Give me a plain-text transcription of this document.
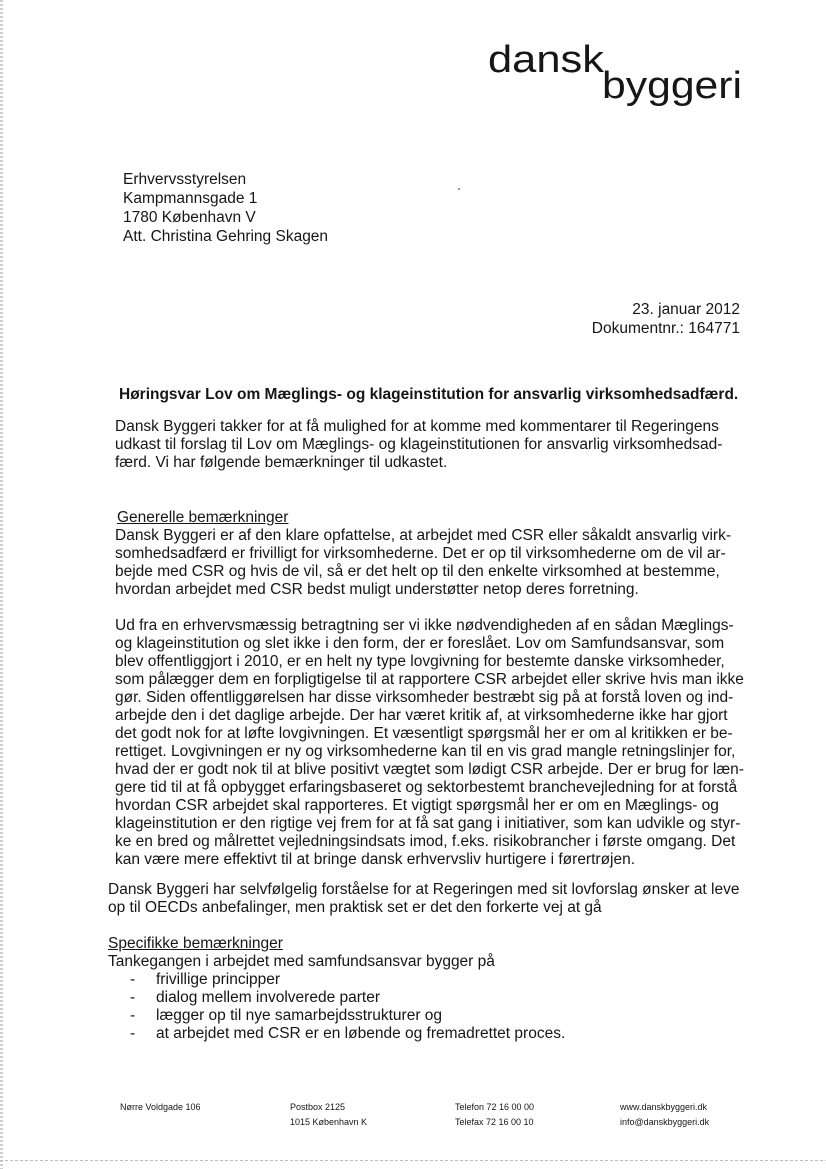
dansk
byggeri
Erhvervsstyrelsen
Kampmannsgade 1
1780 København V
Att. Christina Gehring Skagen
23. januar 2012
Dokumentnr.: 164771
Høringsvar Lov om Mæglings- og klageinstitution for ansvarlig virksomhedsadfærd.
Dansk Byggeri takker for at få mulighed for at komme med kommentarer til Regeringens
udkast til forslag til Lov om Mæglings- og klageinstitutionen for ansvarlig virksomhedsad-
færd. Vi har følgende bemærkninger til udkastet.
Generelle bemærkninger
Dansk Byggeri er af den klare opfattelse, at arbejdet med CSR eller såkaldt ansvarlig virk-
somhedsadfærd er frivilligt for virksomhederne. Det er op til virksomhederne om de vil ar-
bejde med CSR og hvis de vil, så er det helt op til den enkelte virksomhed at bestemme,
hvordan arbejdet med CSR bedst muligt understøtter netop deres forretning.
Ud fra en erhvervsmæssig betragtning ser vi ikke nødvendigheden af en sådan Mæglings-
og klageinstitution og slet ikke i den form, der er foreslået. Lov om Samfundsansvar, som
blev offentliggjort i 2010, er en helt ny type lovgivning for bestemte danske virksomheder,
som pålægger dem en forpligtigelse til at rapportere CSR arbejdet eller skrive hvis man ikke
gør. Siden offentliggørelsen har disse virksomheder bestræbt sig på at forstå loven og ind-
arbejde den i det daglige arbejde. Der har været kritik af, at virksomhederne ikke har gjort
det godt nok for at løfte lovgivningen. Et væsentligt spørgsmål her er om al kritikken er be-
rettiget. Lovgivningen er ny og virksomhederne kan til en vis grad mangle retningslinjer for,
hvad der er godt nok til at blive positivt vægtet som lødigt CSR arbejde. Der er brug for læn-
gere tid til at få opbygget erfaringsbaseret og sektorbestemt branchevejledning for at forstå
hvordan CSR arbejdet skal rapporteres. Et vigtigt spørgsmål her er om en Mæglings- og
klageinstitution er den rigtige vej frem for at få sat gang i initiativer, som kan udvikle og styr-
ke en bred og målrettet vejledningsindsats imod, f.eks. risikobrancher i første omgang. Det
kan være mere effektivt til at bringe dansk erhvervsliv hurtigere i førertrøjen.
Dansk Byggeri har selvfølgelig forståelse for at Regeringen med sit lovforslag ønsker at leve
op til OECDs anbefalinger, men praktisk set er det den forkerte vej at gå
Specifikke bemærkninger
Tankegangen i arbejdet med samfundsansvar bygger på
- frivillige principper
- dialog mellem involverede parter
- lægger op til nye samarbejdsstrukturer og
- at arbejdet med CSR er en løbende og fremadrettet proces.
Nørre Voldgade 106	Postbox 2125
1015 København K
Telefon 72 16 00 00
Telefax 72 16 00 10
www.danskbyggeri.dk
info@danskbyggeri.dk
